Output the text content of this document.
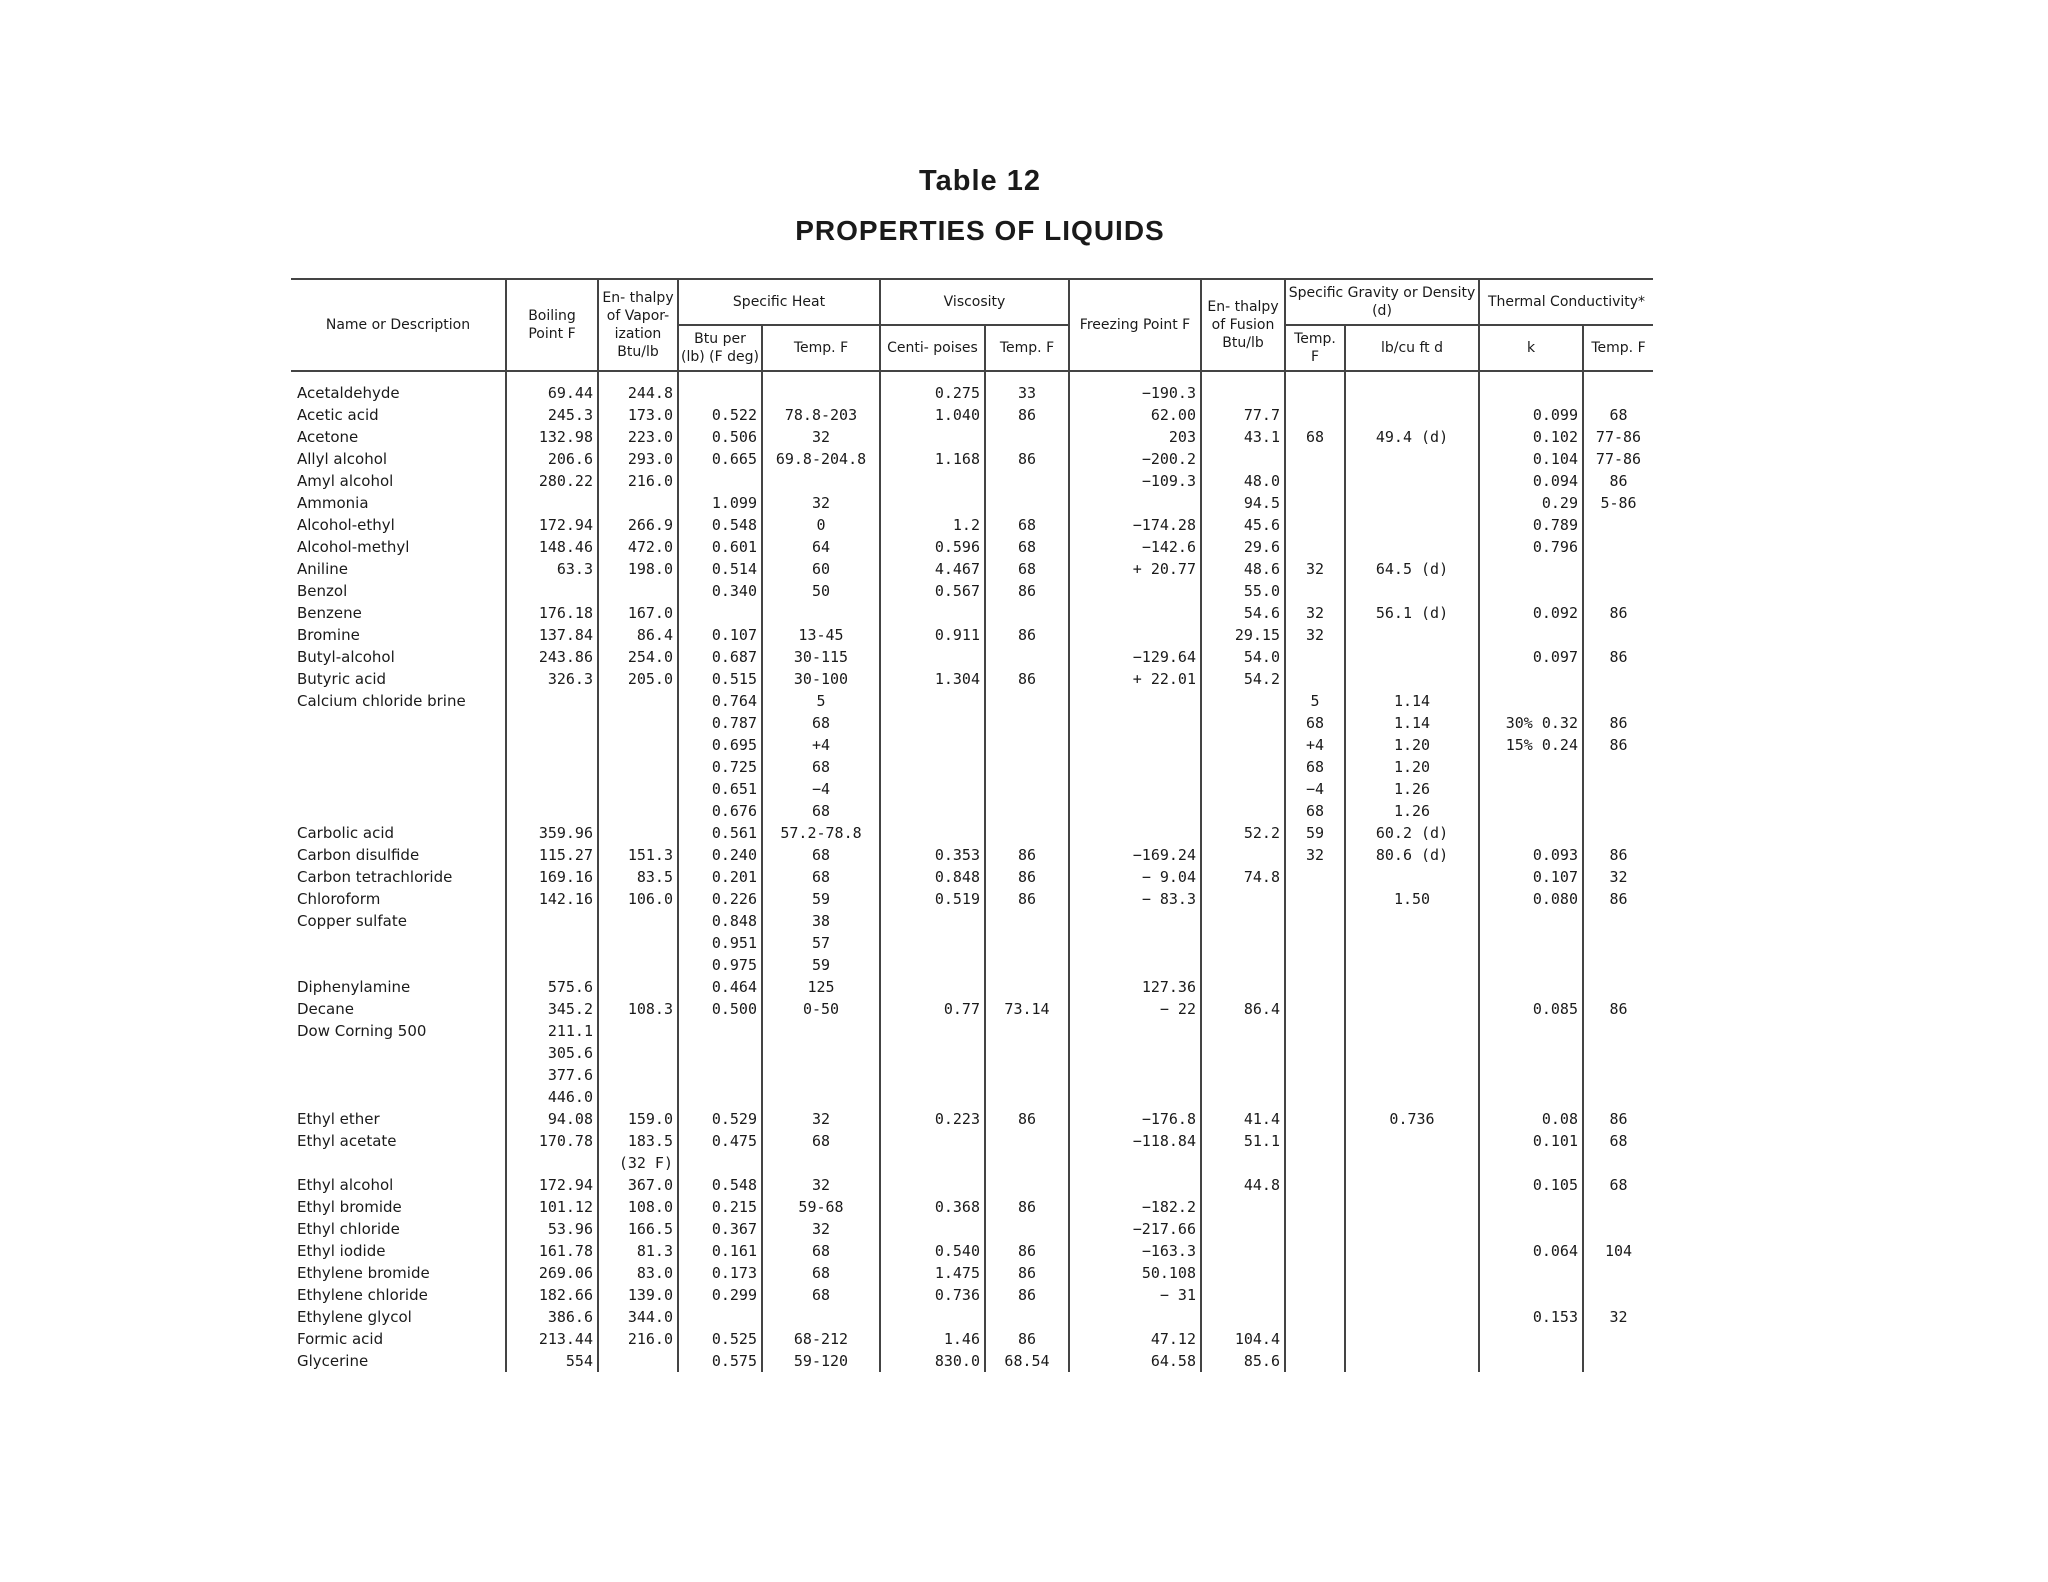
Table 12
PROPERTIES OF LIQUIDS
Name or Description	Boiling Point F	En- thalpy of Vapor- ization Btu/lb	Specific Heat		Viscosity		Freezing Point F	En- thalpy of Fusion Btu/lb	Specific Gravity or Density (d)		Thermal Conductivity*	
			Btu per (lb) (F deg)	Temp. F	Centi- poises	Temp. F			Temp. F	lb/cu ft d	k	Temp. F
Acetaldehyde	69.44	244.8			0.275	33	−190.3					
Acetic acid	245.3	173.0	0.522	78.8-203	1.040	86	62.00	77.7			0.099	68
Acetone	132.98	223.0	0.506	32			203	43.1	68	49.4 (d)	0.102	77-86
Allyl alcohol	206.6	293.0	0.665	69.8-204.8	1.168	86	−200.2				0.104	77-86
Amyl alcohol	280.22	216.0					−109.3	48.0			0.094	86
Ammonia			1.099	32				94.5			0.29	5-86
Alcohol-ethyl	172.94	266.9	0.548	0	1.2	68	−174.28	45.6			0.789	
Alcohol-methyl	148.46	472.0	0.601	64	0.596	68	−142.6	29.6			0.796	
Aniline	63.3	198.0	0.514	60	4.467	68	+ 20.77	48.6	32	64.5 (d)		
Benzol			0.340	50	0.567	86		55.0				
Benzene	176.18	167.0						54.6	32	56.1 (d)	0.092	86
Bromine	137.84	86.4	0.107	13-45	0.911	86		29.15	32			
Butyl-alcohol	243.86	254.0	0.687	30-115			−129.64	54.0			0.097	86
Butyric acid	326.3	205.0	0.515	30-100	1.304	86	+ 22.01	54.2				
Calcium chloride brine			0.764	5					5	1.14		
			0.787	68					68	1.14	30% 0.32	86
			0.695	+4					+4	1.20	15% 0.24	86
			0.725	68					68	1.20		
			0.651	−4					−4	1.26		
			0.676	68					68	1.26		
Carbolic acid	359.96		0.561	57.2-78.8				52.2	59	60.2 (d)		
Carbon disulfide	115.27	151.3	0.240	68	0.353	86	−169.24		32	80.6 (d)	0.093	86
Carbon tetrachloride	169.16	83.5	0.201	68	0.848	86	− 9.04	74.8			0.107	32
Chloroform	142.16	106.0	0.226	59	0.519	86	− 83.3			1.50	0.080	86
Copper sulfate			0.848	38								
			0.951	57								
			0.975	59								
Diphenylamine	575.6		0.464	125			127.36					
Decane	345.2	108.3	0.500	0-50	0.77	73.14	− 22	86.4			0.085	86
Dow Corning 500	211.1											
	305.6											
	377.6											
	446.0											
Ethyl ether	94.08	159.0	0.529	32	0.223	86	−176.8	41.4		0.736	0.08	86
Ethyl acetate	170.78	183.5	0.475	68			−118.84	51.1			0.101	68
		(32 F)										
Ethyl alcohol	172.94	367.0	0.548	32				44.8			0.105	68
Ethyl bromide	101.12	108.0	0.215	59-68	0.368	86	−182.2					
Ethyl chloride	53.96	166.5	0.367	32			−217.66					
Ethyl iodide	161.78	81.3	0.161	68	0.540	86	−163.3				0.064	104
Ethylene bromide	269.06	83.0	0.173	68	1.475	86	50.108					
Ethylene chloride	182.66	139.0	0.299	68	0.736	86	− 31					
Ethylene glycol	386.6	344.0									0.153	32
Formic acid	213.44	216.0	0.525	68-212	1.46	86	47.12	104.4				
Glycerine	554		0.575	59-120	830.0	68.54	64.58	85.6				
